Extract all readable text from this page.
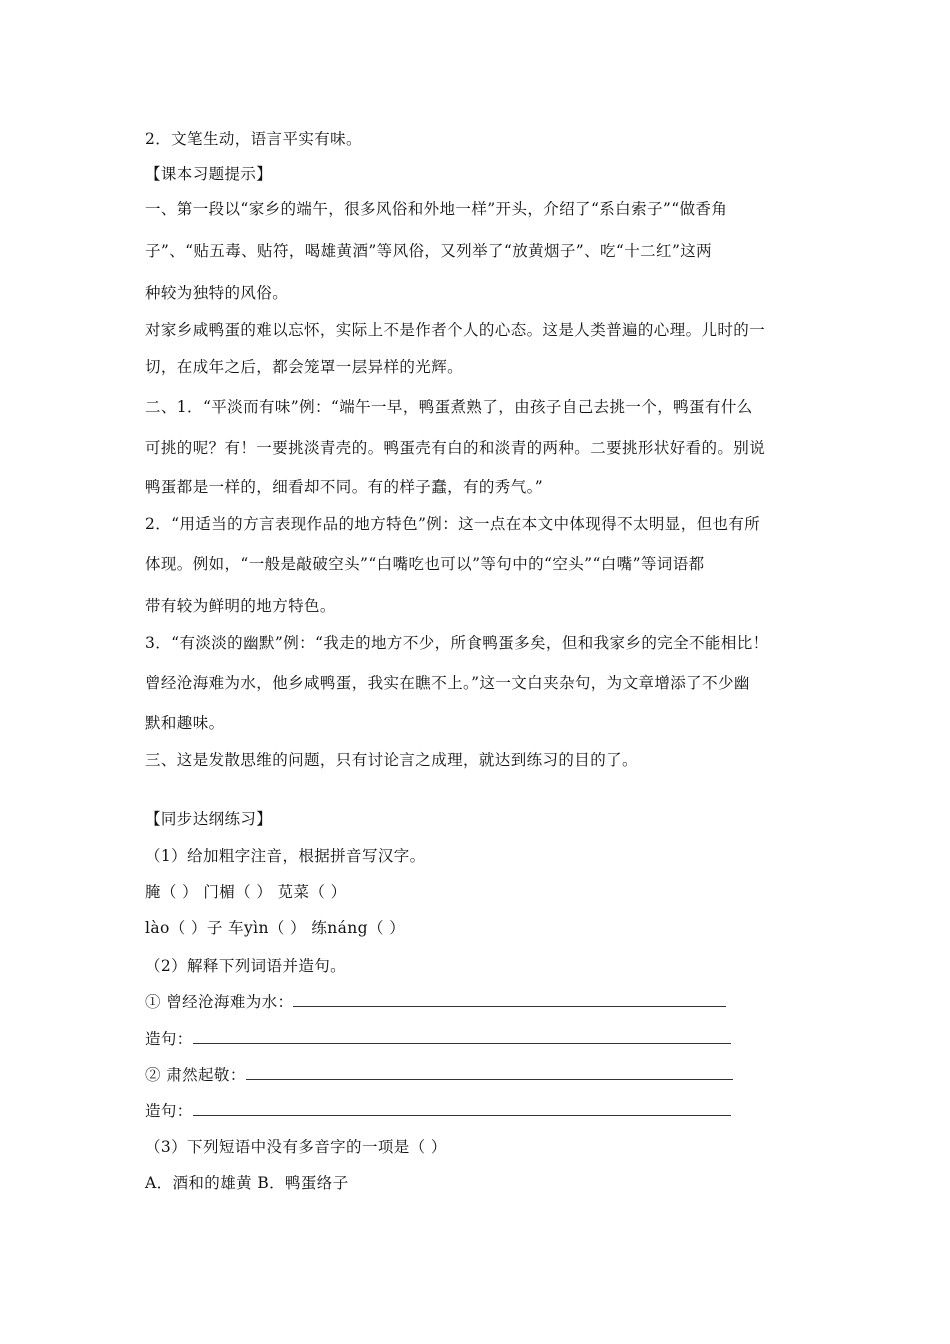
2．文笔生动，语言平实有味。
【课本习题提示】
一、第一段以“家乡的端午，很多风俗和外地一样”开头，介绍了“系白索子”“做香角
子”、“贴五毒、贴符，喝雄黄酒”等风俗，又列举了“放黄烟子”、吃“十二红”这两
种较为独特的风俗。
对家乡咸鸭蛋的难以忘怀，实际上不是作者个人的心态。这是人类普遍的心理。儿时的一
切，在成年之后，都会笼罩一层异样的光辉。
二、1．“平淡而有味”例：“端午一早，鸭蛋煮熟了，由孩子自己去挑一个，鸭蛋有什么
可挑的呢？有！一要挑淡青壳的。鸭蛋壳有白的和淡青的两种。二要挑形状好看的。别说
鸭蛋都是一样的，细看却不同。有的样子蠢，有的秀气。”
2．“用适当的方言表现作品的地方特色”例：这一点在本文中体现得不太明显，但也有所
体现。例如，“一般是敲破空头”“白嘴吃也可以”等句中的“空头”“白嘴”等词语都
带有较为鲜明的地方特色。
3．“有淡淡的幽默”例：“我走的地方不少，所食鸭蛋多矣，但和我家乡的完全不能相比！
曾经沧海难为水，他乡咸鸭蛋，我实在瞧不上。”这一文白夹杂句，为文章增添了不少幽
默和趣味。
三、这是发散思维的问题，只有讨论言之成理，就达到练习的目的了。
【同步达纲练习】
（1）给加粗字注音，根据拼音写汉字。
腌（ ） 门楣（ ） 苋菜（ ）
lào（ ）子 车yìn（ ） 练náng（ ）
（2）解释下列词语并造句。
① 曾经沧海难为水：
造句：
② 肃然起敬：
造句：
（3）下列短语中没有多音字的一项是（ ）
A．酒和的雄黄 B．鸭蛋络子
